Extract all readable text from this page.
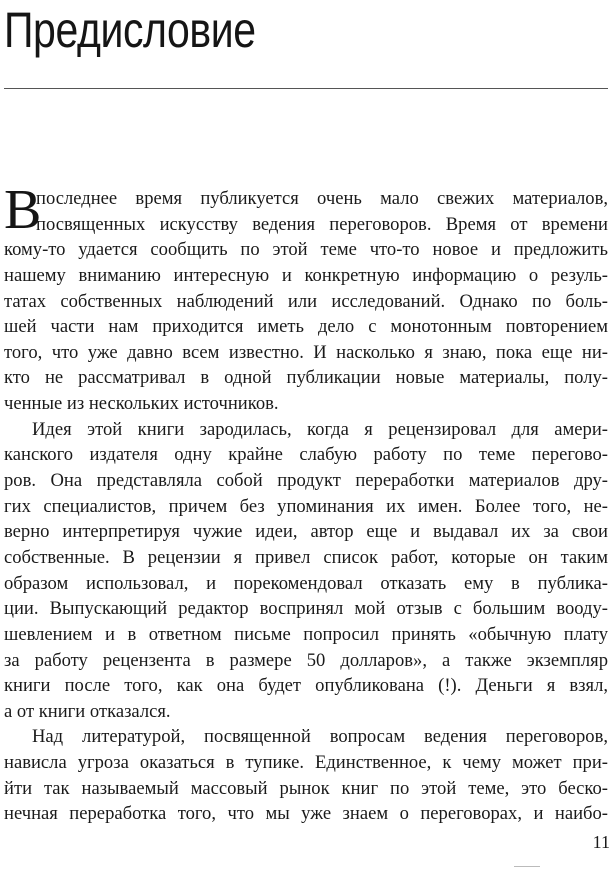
Предисловие
В
последнее время публикуется очень мало свежих материалов,
посвященных искусству ведения переговоров. Время от времени
кому-то удается сообщить по этой теме что-то новое и предложить
нашему вниманию интересную и конкретную информацию о резуль-
татах собственных наблюдений или исследований. Однако по боль-
шей части нам приходится иметь дело с монотонным повторением
того, что уже давно всем известно. И насколько я знаю, пока еще ни-
кто не рассматривал в одной публикации новые материалы, полу-
ченные из нескольких источников.
Идея этой книги зародилась, когда я рецензировал для амери-
канского издателя одну крайне слабую работу по теме перегово-
ров. Она представляла собой продукт переработки материалов дру-
гих специалистов, причем без упоминания их имен. Более того, не-
верно интерпретируя чужие идеи, автор еще и выдавал их за свои
собственные. В рецензии я привел список работ, которые он таким
образом использовал, и порекомендовал отказать ему в публика-
ции. Выпускающий редактор воспринял мой отзыв с большим вооду-
шевлением и в ответном письме попросил принять «обычную плату
за работу рецензента в размере 50 долларов», а также экземпляр
книги после того, как она будет опубликована (!). Деньги я взял,
а от книги отказался.
Над литературой, посвященной вопросам ведения переговоров,
нависла угроза оказаться в тупике. Единственное, к чему может при-
йти так называемый массовый рынок книг по этой теме, это беско-
нечная переработка того, что мы уже знаем о переговорах, и наибо-
11
